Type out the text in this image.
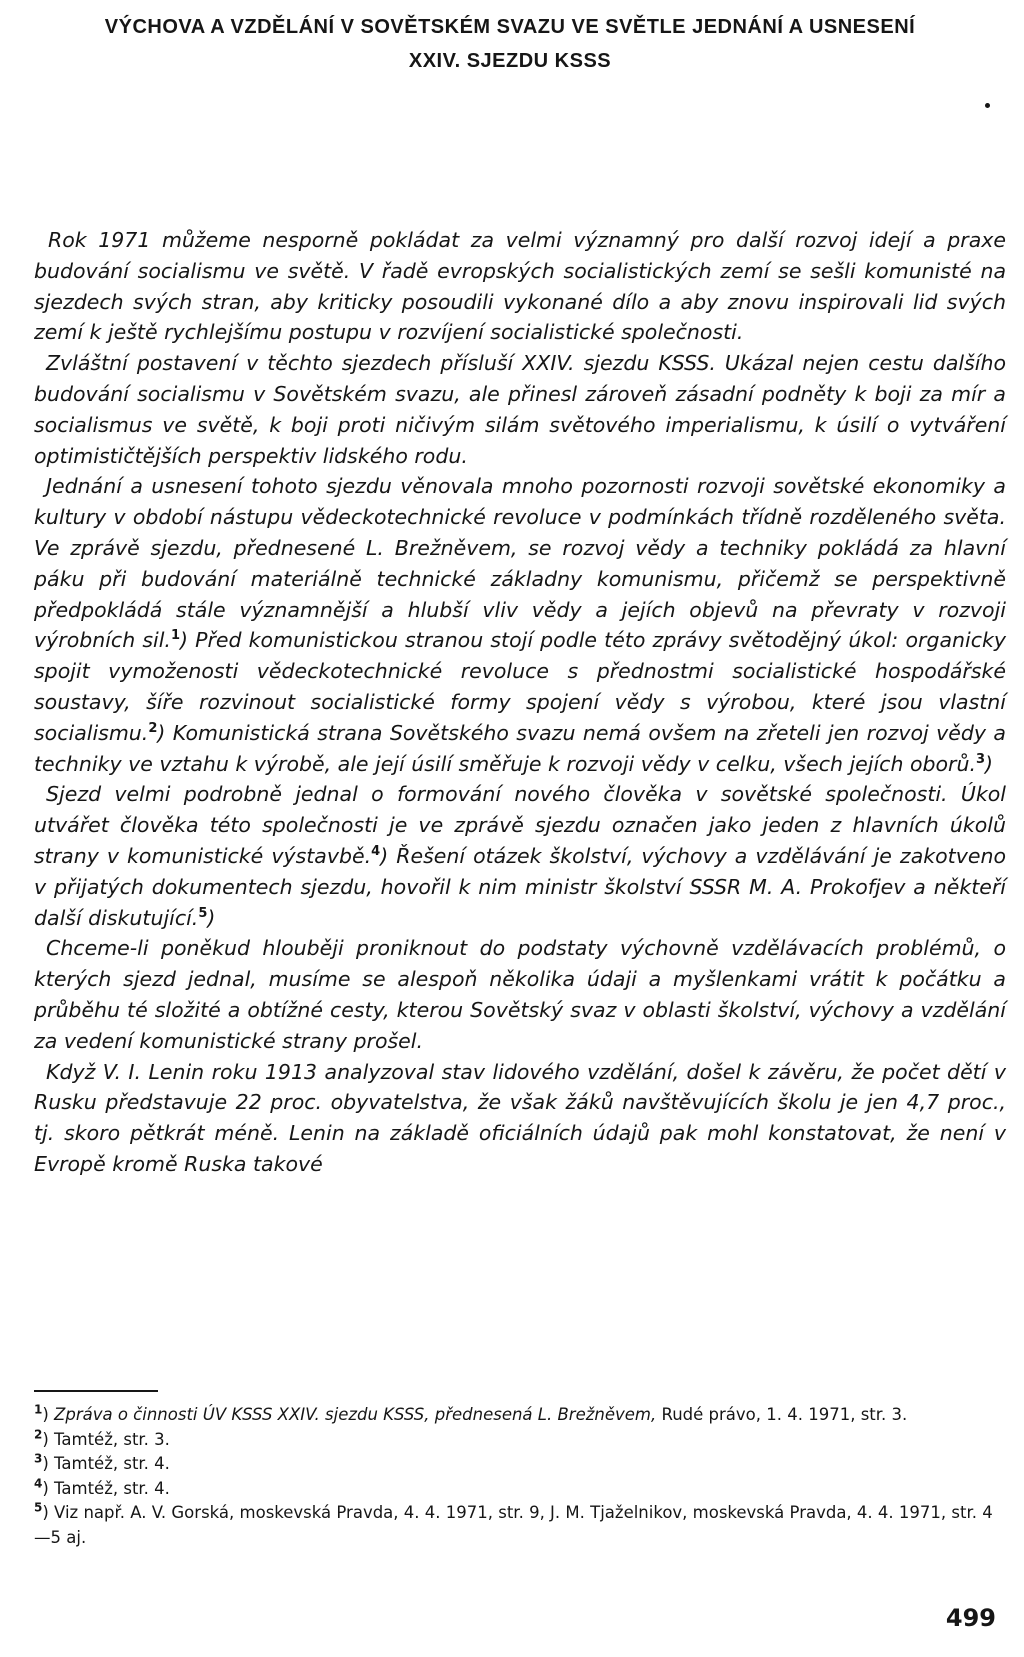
VÝCHOVA A VZDĚLÁNÍ V SOVĚTSKÉM SVAZU VE SVĚTLE JEDNÁNÍ A USNESENÍ
XXIV. SJEZDU KSSS

Rok 1971 můžeme nesporně pokládat za velmi významný pro další rozvoj idejí a praxe budování socialismu ve světě. V řadě evropských socialistických zemí se sešli komunisté na sjezdech svých stran, aby kriticky posoudili vykonané dílo a aby znovu inspirovali lid svých zemí k ještě rychlejšímu postupu v rozvíjení socialistické společnosti.

Zvláštní postavení v těchto sjezdech přísluší XXIV. sjezdu KSSS. Ukázal nejen cestu dalšího budování socialismu v Sovětském svazu, ale přinesl zároveň zásadní podněty k boji za mír a socialismus ve světě, k boji proti ničivým silám světového imperialismu, k úsilí o vytváření optimističtějších perspektiv lidského rodu.

Jednání a usnesení tohoto sjezdu věnovala mnoho pozornosti rozvoji sovětské ekonomiky a kultury v období nástupu vědeckotechnické revoluce v podmínkách třídně rozděleného světa. Ve zprávě sjezdu, přednesené L. Brežněvem, se rozvoj vědy a techniky pokládá za hlavní páku při budování materiálně technické základny komunismu, přičemž se perspektivně předpokládá stále významnější a hlubší vliv vědy a jejích objevů na převraty v rozvoji výrobních sil.$^1$) Před komunistickou stranou stojí podle této zprávy světodějný úkol: organicky spojit vymoženosti vědeckotechnické revoluce s přednostmi socialistické hospodářské soustavy, šíře rozvinout socialistické formy spojení vědy s výrobou, které jsou vlastní socialismu.$^2$) Komunistická strana Sovětského svazu nemá ovšem na zřeteli jen rozvoj vědy a techniky ve vztahu k výrobě, ale její úsilí směřuje k rozvoji vědy v celku, všech jejích oborů.$^3$)

Sjezd velmi podrobně jednal o formování nového člověka v sovětské společnosti. Úkol utvářet člověka této společnosti je ve zprávě sjezdu označen jako jeden z hlavních úkolů strany v komunistické výstavbě.$^4$) Řešení otázek školství, výchovy a vzdělávání je zakotveno v přijatých dokumentech sjezdu, hovořil k nim ministr školství SSSR M. A. Prokofjev a někteří další diskutující.$^5$)

Chceme-li poněkud hlouběji proniknout do podstaty výchovně vzdělávacích problémů, o kterých sjezd jednal, musíme se alespoň několika údaji a myšlenkami vrátit k počátku a průběhu té složité a obtížné cesty, kterou Sovětský svaz v oblasti školství, výchovy a vzdělání za vedení komunistické strany prošel.

Když V. I. Lenin roku 1913 analyzoval stav lidového vzdělání, došel k závěru, že počet dětí v Rusku představuje 22 proc. obyvatelstva, že však žáků navštěvujících školu je jen 4,7 proc., tj. skoro pětkrát méně. Lenin na základě oficiálních údajů pak mohl konstatovat, že není v Evropě kromě Ruska takové

$^1$) Zpráva o činnosti ÚV KSSS XXIV. sjezdu KSSS, přednesená L. Brežněvem, Rudé právo, 1. 4. 1971, str. 3.

$^2$) Tamtéž, str. 3.

$^3$) Tamtéž, str. 4.

$^4$) Tamtéž, str. 4.

$^5$) Viz např. A. V. Gorská, moskevská Pravda, 4. 4. 1971, str. 9, J. M. Tjaželnikov, moskevská Pravda, 4. 4. 1971, str. 4—5 aj.

499
